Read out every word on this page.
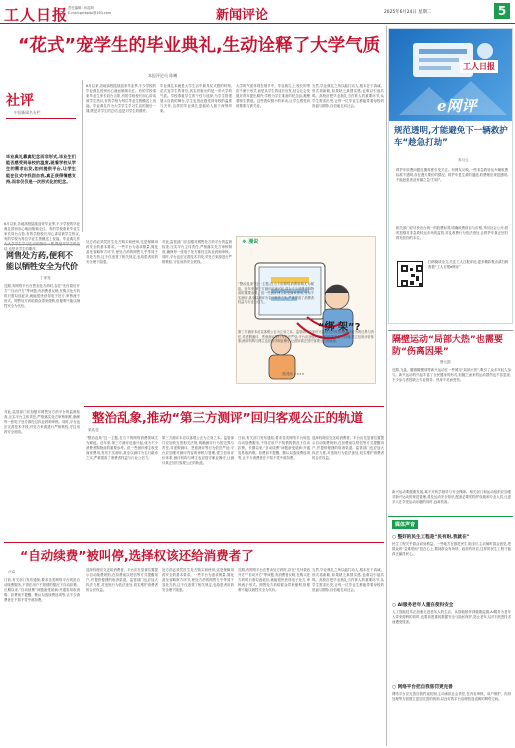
工人日报 责任编辑: 孙喆妍
E-mail:grrbplpl@163.com	新闻评论	2025年6月24日 星期二	5
“花式”宠学生的毕业典礼,生动诠释了大学气质
本报评论员 陈曦
社评
中国新闻名专栏
毕业典礼靠真纪念而非形式,毕业生们能否感受到母校的温度,就看学校从学生的需求出发,如何提供平台,让学生能在仪式中找回自我,真正获得情感支持,而非仅仅是一次形式化的纪念。
6月以来,各地高校陆续迎来毕业季,不少学校的毕业典礼因别出心裁而频频走红。有的学校请来毕业生家长同台合影,有的学校校长用心讲话被学生热议,有的学校为每位毕业生拨穗送上祝福。毕业典礼作为大学学生学习生活的最后一课,既是对学生的总结,也是对学生的期许。
毕业典礼本就是大学生活中最具仪式感的时刻,花式宠学生的背后,其实折射出的是一所大学的气质。学校尊重学生的个性与选择,为学生搭建展示自我的舞台,学生也因此感受到母校的温度与关怀,这样的毕业典礼更能给人留下深刻印象。
大学的气质体现在细节中。毕业典礼上,校长的寄语不流于形式,而是从学生的成长出发,结合社会发展对青年提出期许;学校为学生准备的纪念品,凝聚着师生情谊。这些看似微小的举动,让学生感受到被尊重与被关爱。
当然,毕业典礼之所以能打动人,根本在于真诚。形式再新颖,如果缺乏真情实感,也难以引起共鸣。高校应把毕业典礼当作育人的重要环节,从学生需求出发,让每一位毕业生都能带着母校的祝福与期待,自信地走向社会。
6月以来,各地高校陆续迎来毕业季,不少学校的毕业典礼因别出心裁而频频走红。有的学校请来毕业生家长同台合影,有的学校校长用心讲话被学生热议,有的学校为每位毕业生拨穗送上祝福。毕业典礼作 结,也是对学生的期许。
网售处方药,便利不能以牺牲安全为代价
丁家发
近期,有网络平台在售卖处方药时,存在“先付款后开方”“自动开方”等问题,有消费者反映,在购买处方药时只需勾选症状,就能很快获得电子处方,审核流于形式。网售处方药给群众带来便利,但便利不能以牺牲安全为代价。
处方药必须凭医生处方购买和使用,这是保障用药安全的基本要求。一些平台为追求销量,简化甚至省略审方环节,使处方药的网售几乎等同于非处方药,这不仅违背了相关规定,也给患者用药安全埋下隐患。
对此,监管部门应加强对网售处方药平台的监督检查,压实平台主体责任,严格落实处方审核制度,确保每一张电子处方都经过执业药师审核。同时,平台也应完善技术手段,对处方来源进行严格核验,守住用药安全底线。
❖ 漫说
“绑 架”?
图/漫画 ××××
“整治乱象”这一主题,在当下的网络消费领域尤为紧迫。近年来,第三方测评迅速兴起,成为不少消费者购物前的重要参考。但一些测评博主收受商家费用,发布不实测评,甚至以测评为名行敲诈之实,严重损害了消费者权益与行业公信力。
第三方测评本应以客观公正为立身之本。监管部门应加快完善相关法规,明确测评行为的边界与责任,对虚假测评、恶意测评等行为依法严惩;平台应加强对测评内容的审核与管理,建立信用评价体系;测评机构与博主也应恪守职业操守,让测评真正回归客观公正的轨道。
工人日报
e网评
规范透明,才能避免下一辆救护车“趁急打劫”
奔月云
救护车收费问题近期再度引发关注。有网友反映,一些非急救转运车辆收费标准不透明,存在漫天要价的情况。救护车是生命的通道,收费理应规范透明,不能趁患者及家属之急“打劫”。
相关部门应尽快出台统一的收费标准,明确收费项目与价格,并向社会公开;同时加强对非急救转运市场的监管,对乱收费行为依法查处,让救护车真正回归救死扶伤的本位。
扫码阅读全文,关注工人日报评论,更多精彩观点请扫码查看“工人日报e网评”
隔壁运动“局部大热”也需要防“伤离因果”
鲁元鸥
近期,飞盘、腰旗橄榄球等新兴运动在一些城市“局部大热”,吸引了众多年轻人参与。新兴运动的兴起丰富了全民健身的形式,但随之而来的运动损伤也不容忽视,不少参与者因缺乏专业指导、热身不足而受伤。
新兴运动要健康发展,离不开科学指导与安全保障。相关部门和运动组织应加强对新兴运动的规范管理,普及运动安全知识,配备必要的防护设施和专业人员,让更多人在享受运动乐趣的同时,远离伤害。
整治乱象,推动“第三方测评”回归客观公正的轨道
梁兆莹
对此,监管部门应加强对网售处方药平台的监督检查,压实平台主体责任,严格落实处方审核制度,确保每一张电子处方都经过执业药师审核。同时,平台也应完善技术手段,对处方来源进行严格核验,守住用药安全底线。
“整治乱象”这一主题,在当下的网络消费领域尤为紧迫。近年来,第三方测评迅速兴起,成为不少消费者购物前的重要参考。但一些测评博主收受商家费用,发布不实测评,甚至以测评为名行敲诈之实,严重损害了消费者权益与行业公信力。
第三方测评本应以客观公正为立身之本。监管部门应加快完善相关法规,明确测评行为的边界与责任,对虚假测评、恶意测评等行为依法严惩;平台应加强对测评内容的审核与管理,建立信用评价体系;测评机构与博主也应恪守职业操守,让测评真正回归客观公正的轨道。
日前,有关部门发布通知,要求各类网络平台规范自动续费服务,不得在用户不知情的情况下自动扣费。长期以来,“自动续费”问题备受诟病:开通容易取消难、扣费前不提醒、默认勾选续费选项等,让不少消费者在不知不觉中被扣费。
选择权理应交还给消费者。平台应在显著位置提示自动续费规则,在扣费前以短信等方式提醒用户,并提供便捷的取消渠道。监管部门也应加大执法力度,对违规行为依法查处,切实维护消费者的合法权益。
“自动续费”被叫停,选择权该还给消费者了
卢卓
日前,有关部门发布通知,要求各类网络平台规范自动续费服务,不得在用户不知情的情况下自动扣费。长期以来,“自动续费”问题备受诟病:开通容易取消难、扣费前不提醒、默认勾选续费选项等,让不少消费者在不知不觉中被扣费。
选择权理应交还给消费者。平台应在显著位置提示自动续费规则,在扣费前以短信等方式提醒用户,并提供便捷的取消渠道。监管部门也应加大执法力度,对违规行为依法查处,切实维护消费者的合法权益。
处方药必须凭医生处方购买和使用,这是保障用药安全的基本要求。一些平台为追求销量,简化甚至省略审方环节,使处方药的网售几乎等同于非处方药,这不仅违背了相关规定,也给患者用药安全埋下隐患。
近期,有网络平台在售卖处方药时,存在“先付款后开方”“自动开方”等问题,有消费者反映,在购买处方药时只需勾选症状,就能很快获得电子处方,审核流于形式。网售处方药给群众带来便利,但便利不能以牺牲安全为代价。
当然,毕业典礼之所以能打动人,根本在于真诚。形式再新颖,如果缺乏真情实感,也难以引起共鸣。高校应把毕业典礼当作育人的重要环节,从学生需求出发,让每一位毕业生都能带着母校的祝福与期待,自信地走向社会。
媒体声音
○ 整好的民生工程是“民有盼,我就在”
民生工程关乎群众切身利益。一些地方在推进民生项目时,主动倾听群众意见,把群众的“急难愁盼”放在心上,做到群众有所呼、政府有所应,这样的民生工程才能真正赢得民心。
○ AI服务老年人重在使科安全
人工智能技术正加速走进老年人的生活。从智能陪伴到健康监测,AI服务为老年人带来便利的同时,也要高度重视数据安全与隐私保护,防止老年人因不熟悉技术而遭受侵害。
○ 网络平台把自我惩罚更完善
网络平台应完善自我约束机制,主动承担社会责任,在内容审核、用户保护、纠纷处理等方面建立更加完善的规则,以良好的平台治理营造清朗的网络空间。
